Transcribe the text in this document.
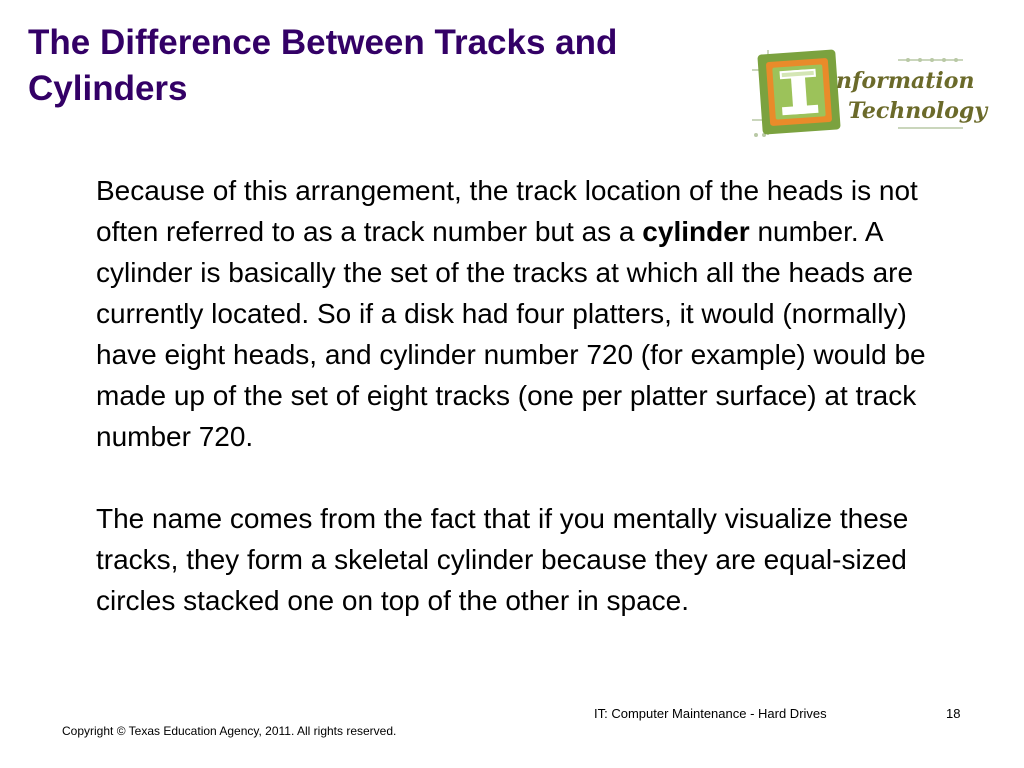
The Difference Between Tracks and Cylinders	nformation
Technology

Because of this arrangement, the track location of the heads is not often referred to as a track number but as a cylinder number. A cylinder is basically the set of the tracks at which all the heads are currently located. So if a disk had four platters, it would (normally) have eight heads, and cylinder number 720 (for example) would be made up of the set of eight tracks (one per platter surface) at track number 720.

The name comes from the fact that if you mentally visualize these tracks, they form a skeletal cylinder because they are equal-sized circles stacked one on top of the other in space.

IT: Computer Maintenance - Hard Drives	18
Copyright © Texas Education Agency, 2011. All rights reserved.
